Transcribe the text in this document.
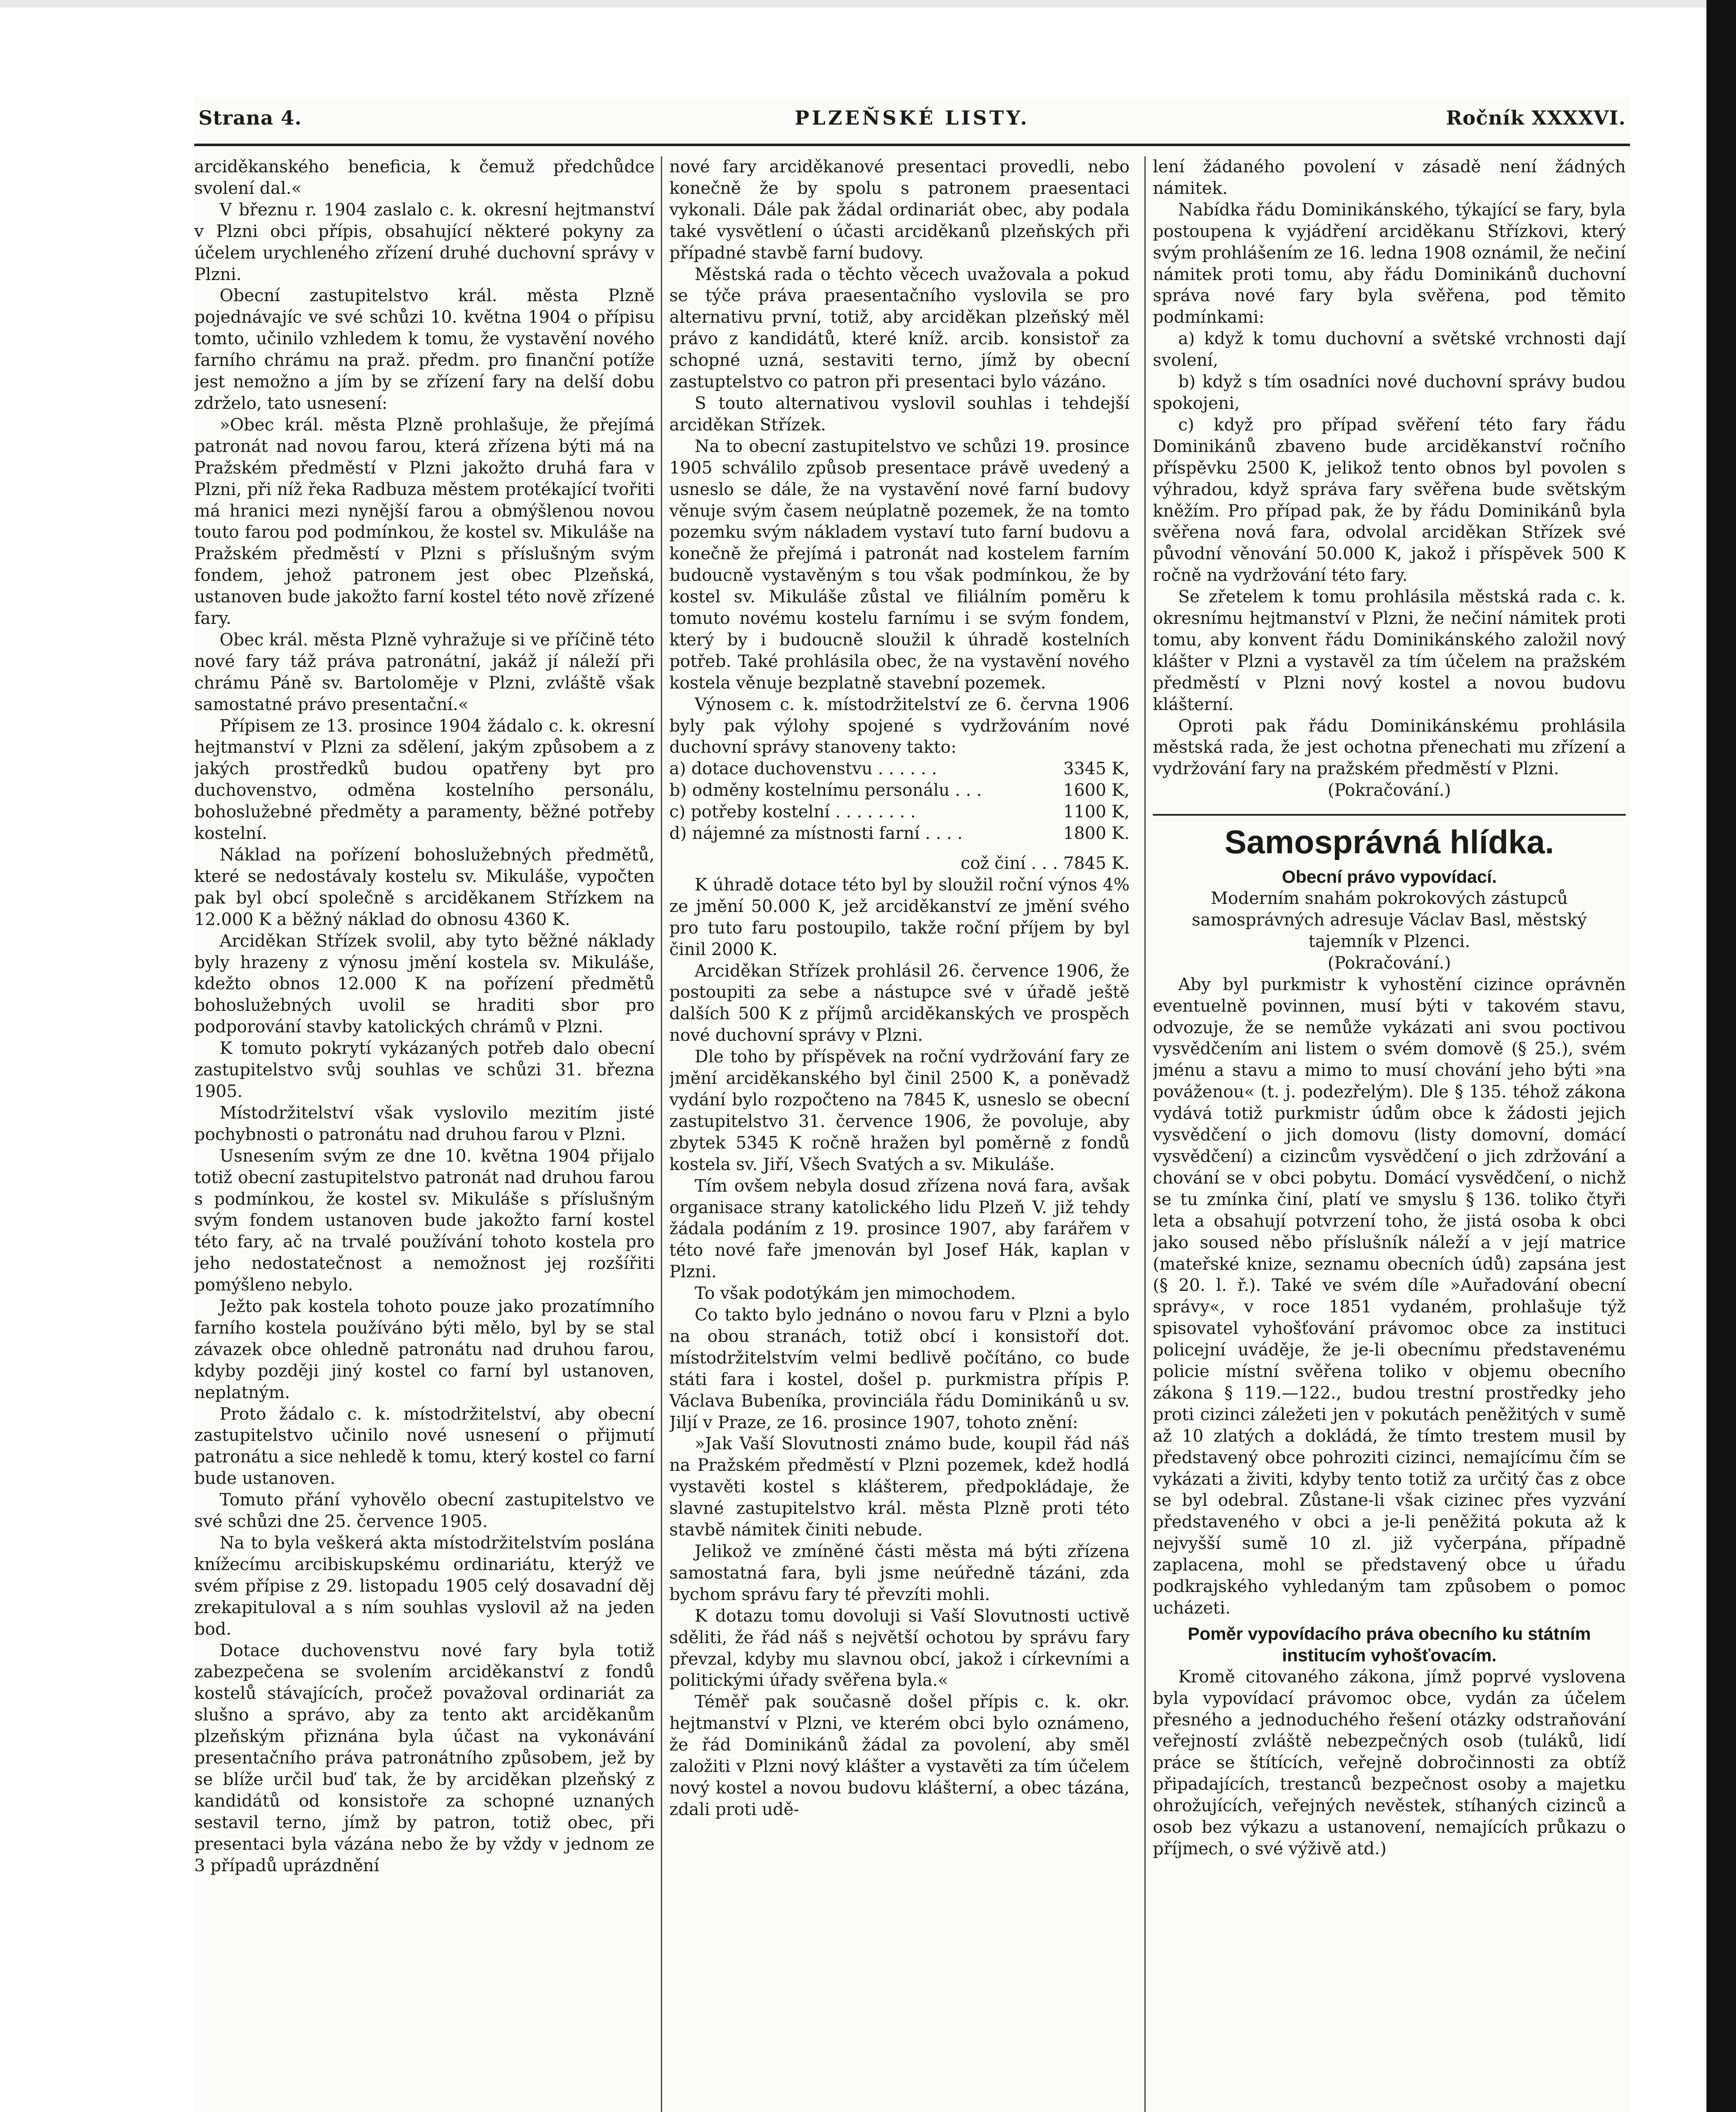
Strana 4.	PLZEŇSKÉ LISTY.	Ročník XXXXVI.

arciděkanského beneficia, k čemuž předchůdce svolení dal.«

V březnu r. 1904 zaslalo c. k. okresní hejtmanství v Plzni obci přípis, obsahující některé pokyny za účelem urychleného zřízení druhé duchovní správy v Plzni.

Obecní zastupitelstvo král. města Plzně pojednávajíc ve své schůzi 10. května 1904 o přípisu tomto, učinilo vzhledem k tomu, že vystavění nového farního chrámu na praž. předm. pro finanční potíže jest nemožno a jím by se zřízení fary na delší dobu zdrželo, tato usnesení:

»Obec král. města Plzně prohlašuje, že přejímá patronát nad novou farou, která zřízena býti má na Pražském předměstí v Plzni jakožto druhá fara v Plzni, při níž řeka Radbuza městem protékající tvořiti má hranici mezi nynější farou a obmýšlenou novou touto farou pod podmínkou, že kostel sv. Mikuláše na Pražském předměstí v Plzni s příslušným svým fondem, jehož patronem jest obec Plzeňská, ustanoven bude jakožto farní kostel této nově zřízené fary.

Obec král. města Plzně vyhražuje si ve příčině této nové fary táž práva patronátní, jakáž jí náleží při chrámu Páně sv. Bartoloměje v Plzni, zvláště však samostatné právo presentační.«

Přípisem ze 13. prosince 1904 žádalo c. k. okresní hejtmanství v Plzni za sdělení, jakým způsobem a z jakých prostředků budou opatřeny byt pro duchovenstvo, odměna kostelního personálu, bohoslužebné předměty a paramenty, běžné potřeby kostelní.

Náklad na pořízení bohoslužebných předmětů, které se nedostávaly kostelu sv. Mikuláše, vypočten pak byl obcí společně s arciděkanem Střízkem na 12.000 K a běžný náklad do obnosu 4360 K.

Arciděkan Střízek svolil, aby tyto běžné náklady byly hrazeny z výnosu jmění kostela sv. Mikuláše, kdežto obnos 12.000 K na pořízení předmětů bohoslužebných uvolil se hraditi sbor pro podporování stavby katolických chrámů v Plzni.

K tomuto pokrytí vykázaných potřeb dalo obecní zastupitelstvo svůj souhlas ve schůzi 31. března 1905.

Místodržitelství však vyslovilo mezitím jisté pochybnosti o patronátu nad druhou farou v Plzni.

Usnesením svým ze dne 10. května 1904 přijalo totiž obecní zastupitelstvo patronát nad druhou farou s podmínkou, že kostel sv. Mikuláše s příslušným svým fondem ustanoven bude jakožto farní kostel této fary, ač na trvalé používání tohoto kostela pro jeho nedostatečnost a nemožnost jej rozšířiti pomýšleno nebylo.

Ježto pak kostela tohoto pouze jako prozatímního farního kostela používáno býti mělo, byl by se stal závazek obce ohledně patronátu nad druhou farou, kdyby později jiný kostel co farní byl ustanoven, neplatným.

Proto žádalo c. k. místodržitelství, aby obecní zastupitelstvo učinilo nové usnesení o přijmutí patronátu a sice nehledě k tomu, který kostel co farní bude ustanoven.

Tomuto přání vyhovělo obecní zastupitelstvo ve své schůzi dne 25. července 1905.

Na to byla veškerá akta místodržitelstvím poslána knížecímu arcibiskupskému ordinariátu, kterýž ve svém přípise z 29. listopadu 1905 celý dosavadní děj zrekapituloval a s ním souhlas vyslovil až na jeden bod.

Dotace duchovenstvu nové fary byla totiž zabezpečena se svolením arciděkanství z fondů kostelů stávajících, pročež považoval ordinariát za slušno a správo, aby za tento akt arciděkanům plzeňským přiznána byla účast na vykonávání presentačního práva patronátního způsobem, jež by se blíže určil buď tak, že by arciděkan plzeňský z kandidátů od konsistoře za schopné uznaných sestavil terno, jímž by patron, totiž obec, při presentaci byla vázána nebo že by vždy v jednom ze 3 případů uprázdnění

nové fary arciděkanové presentaci provedli, nebo konečně že by spolu s patronem praesentaci vykonali. Dále pak žádal ordinariát obec, aby podala také vysvětlení o účasti arciděkanů plzeňských při případné stavbě farní budovy.

Městská rada o těchto věcech uvažovala a pokud se týče práva praesentačního vyslovila se pro alternativu první, totiž, aby arciděkan plzeňský měl právo z kandidátů, které kníž. arcib. konsistoř za schopné uzná, sestaviti terno, jímž by obecní zastuptelstvo co patron při presentaci bylo vázáno.

S touto alternativou vyslovil souhlas i tehdejší arciděkan Střízek.

Na to obecní zastupitelstvo ve schůzi 19. prosince 1905 schválilo způsob presentace právě uvedený a usneslo se dále, že na vystavění nové farní budovy věnuje svým časem neúplatně pozemek, že na tomto pozemku svým nákladem vystaví tuto farní budovu a konečně že přejímá i patronát nad kostelem farním budoucně vystavěným s tou však podmínkou, že by kostel sv. Mikuláše zůstal ve filiálním poměru k tomuto novému kostelu farnímu i se svým fondem, který by i budoucně sloužil k úhradě kostelních potřeb. Také prohlásila obec, že na vystavění nového kostela věnuje bezplatně stavební pozemek.

Výnosem c. k. místodržitelství ze 6. června 1906 byly pak výlohy spojené s vydržováním nové duchovní správy stanoveny takto:

a) dotace duchovenstvu . . . . . .	3345 K,
b) odměny kostelnímu personálu . . .	1600 K,
c) potřeby kostelní . . . . . . . .	1100 K,
d) nájemné za místnosti farní . . . .	1800 K.

což činí . . . 7845 K.

K úhradě dotace této byl by sloužil roční výnos 4% ze jmění 50.000 K, jež arciděkanství ze jmění svého pro tuto faru postoupilo, takže roční příjem by byl činil 2000 K.

Arciděkan Střízek prohlásil 26. července 1906, že postoupiti za sebe a nástupce své v úřadě ještě dalších 500 K z příjmů arciděkanských ve prospěch nové duchovní správy v Plzni.

Dle toho by příspěvek na roční vydržování fary ze jmění arciděkanského byl činil 2500 K, a poněvadž vydání bylo rozpočteno na 7845 K, usneslo se obecní zastupitelstvo 31. července 1906, že povoluje, aby zbytek 5345 K ročně hražen byl poměrně z fondů kostela sv. Jiří, Všech Svatých a sv. Mikuláše.

Tím ovšem nebyla dosud zřízena nová fara, avšak organisace strany katolického lidu Plzeň V. již tehdy žádala podáním z 19. prosince 1907, aby farářem v této nové faře jmenován byl Josef Hák, kaplan v Plzni.

To však podotýkám jen mimochodem.

Co takto bylo jednáno o novou faru v Plzni a bylo na obou stranách, totiž obcí i konsistoří dot. místodržitelstvím velmi bedlivě počítáno, co bude státi fara i kostel, došel p. purkmistra přípis P. Václava Bubeníka, provinciála řádu Dominikánů u sv. Jiljí v Praze, ze 16. prosince 1907, tohoto znění:

»Jak Vaší Slovutnosti známo bude, koupil řád náš na Pražském předměstí v Plzni pozemek, kdež hodlá vystavěti kostel s klášterem, předpokládaje, že slavné zastupitelstvo král. města Plzně proti této stavbě námitek činiti nebude.

Jelikož ve zmíněné části města má býti zřízena samostatná fara, byli jsme neúředně tázáni, zda bychom správu fary té převzíti mohli.

K dotazu tomu dovoluji si Vaší Slovutnosti uctivě sděliti, že řád náš s největší ochotou by správu fary převzal, kdyby mu slavnou obcí, jakož i církevními a politickými úřady svěřena byla.«

Téměř pak současně došel přípis c. k. okr. hejtmanství v Plzni, ve kterém obci bylo oznámeno, že řád Dominikánů žádal za povolení, aby směl založiti v Plzni nový klášter a vystavěti za tím účelem nový kostel a novou budovu klášterní, a obec tázána, zdali proti udě-

lení žádaného povolení v zásadě není žádných námitek.

Nabídka řádu Dominikánského, týkající se fary, byla postoupena k vyjádření arciděkanu Střízkovi, který svým prohlášením ze 16. ledna 1908 oznámil, že nečiní námitek proti tomu, aby řádu Dominikánů duchovní správa nové fary byla svěřena, pod těmito podmínkami:

a) když k tomu duchovní a světské vrchnosti dají svolení,

b) když s tím osadníci nové duchovní správy budou spokojeni,

c) když pro případ svěření této fary řádu Dominikánů zbaveno bude arciděkanství ročního příspěvku 2500 K, jelikož tento obnos byl povolen s výhradou, když správa fary svěřena bude světským kněžím. Pro případ pak, že by řádu Dominikánů byla svěřena nová fara, odvolal arciděkan Střízek své původní věnování 50.000 K, jakož i příspěvek 500 K ročně na vydržování této fary.

Se zřetelem k tomu prohlásila městská rada c. k. okresnímu hejtmanství v Plzni, že nečiní námitek proti tomu, aby konvent řádu Dominikánského založil nový klášter v Plzni a vystavěl za tím účelem na pražském předměstí v Plzni nový kostel a novou budovu klášterní.

Oproti pak řádu Dominikánskému prohlásila městská rada, že jest ochotna přenechati mu zřízení a vydržování fary na pražském předměstí v Plzni.

(Pokračování.)

Samosprávná hlídka.
Obecní právo vypovídací.

Moderním snahám pokrokových zástupců samosprávných adresuje Václav Basl, městský tajemník v Plzenci.

(Pokračování.)

Aby byl purkmistr k vyhostění cizince oprávněn eventuelně povinnen, musí býti v takovém stavu, odvozuje, že se nemůže vykázati ani svou poctivou vysvědčením ani listem o svém domově (§ 25.), svém jménu a stavu a mimo to musí chování jeho býti »na pováženou« (t. j. podezřelým). Dle § 135. téhož zákona vydává totiž purkmistr údům obce k žádosti jejich vysvědčení o jich domovu (listy domovní, domácí vysvědčení) a cizincům vysvědčení o jich zdržování a chování se v obci pobytu. Domácí vysvědčení, o nichž se tu zmínka činí, platí ve smyslu § 136. toliko čtyři leta a obsahují potvrzení toho, že jistá osoba k obci jako soused něbo příslušník náleží a v její matrice (mateřské knize, seznamu obecních údů) zapsána jest (§ 20. l. ř.). Také ve svém díle »Auřadování obecní správy«, v roce 1851 vydaném, prohlašuje týž spisovatel vyhošťování právomoc obce za instituci policejní uváděje, že je-li obecnímu představenému policie místní svěřena toliko v objemu obecního zákona § 119.—122., budou trestní prostředky jeho proti cizinci záležeti jen v pokutách peněžitých v sumě až 10 zlatých a dokládá, že tímto trestem musil by představený obce pohroziti cizinci, nemajícímu čím se vykázati a živiti, kdyby tento totiž za určitý čas z obce se byl odebral. Zůstane-li však cizinec přes vyzvání představeného v obci a je-li peněžitá pokuta až k nejvyšší sumě 10 zl. již vyčerpána, případně zaplacena, mohl se představený obce u úřadu podkrajského vyhledaným tam způsobem o pomoc ucházeti.

Poměr vypovídacího práva obecního ku státním institucím vyhošťovacím.

Kromě citovaného zákona, jímž poprvé vyslovena byla vypovídací právomoc obce, vydán za účelem přesného a jednoduchého řešení otázky odstraňování veřejností zvláště nebezpečných osob (tuláků, lidí práce se štítících, veřejně dobročinnosti za obtíž připadajících, trestanců bezpečnost osoby a majetku ohrožujících, veřejných nevěstek, stíhaných cizinců a osob bez výkazu a ustanovení, nemajících průkazu o příjmech, o své výživě atd.)
